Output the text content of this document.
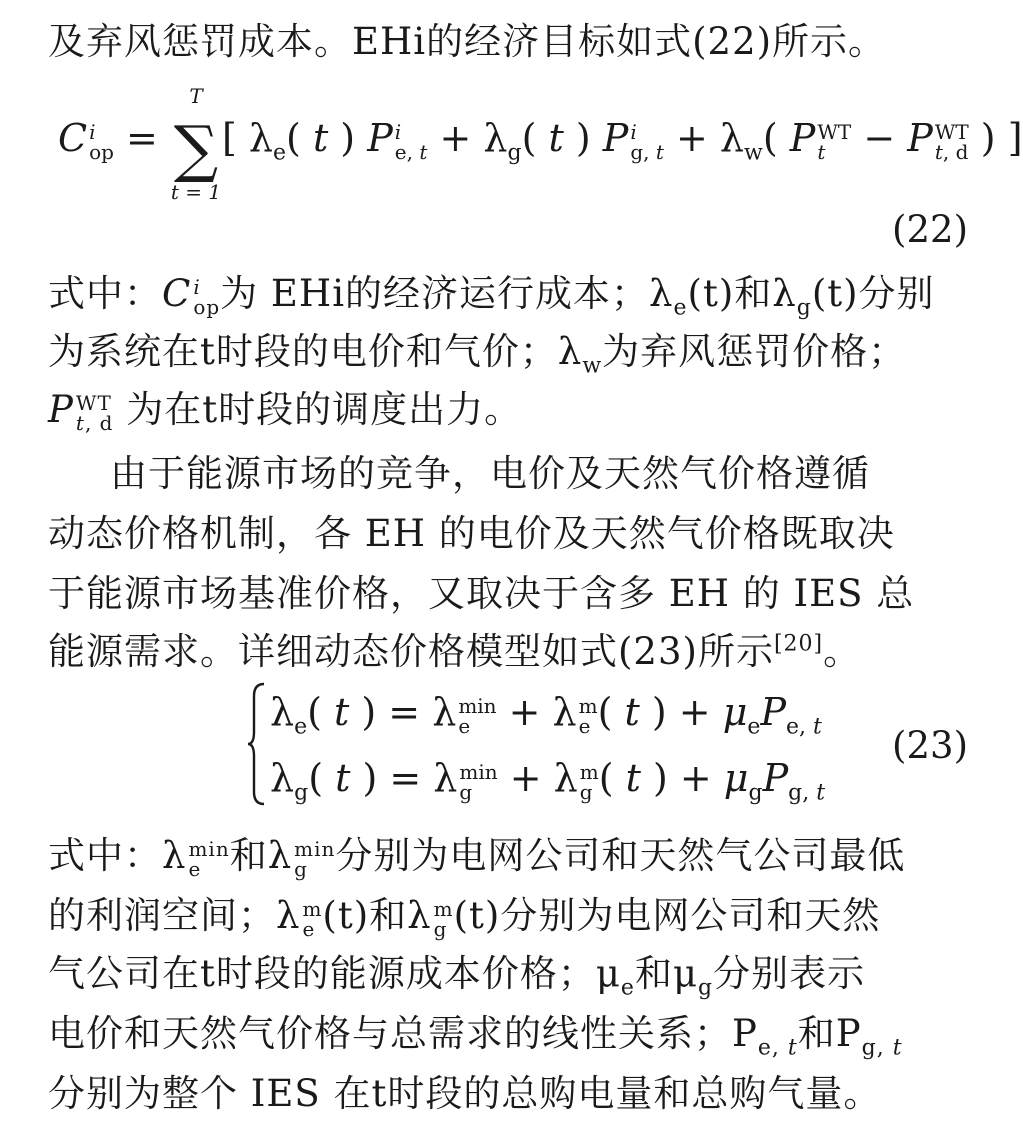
及弃风惩罚成本。EHi的经济目标如式(22)所示。
C i
op =
T
∑
t = 1
[ $\lambda_e$( t ) P i
e, $t + \lambda_g$( t ) P i
g, $t + \lambda_w$( P WT
t − P WT
t, d ) ]
(22)
式中：C i
op 为 EHi的经济运行成本；$\lambda_e(t)$和$\lambda_g(t)$分别
为系统在t时段的电价和气价；$\lambda_w$为弃风惩罚价格；
P WT
t, d 为在t时段的调度出力。
由于能源市场的竞争，电价及天然气价格遵循
动态价格机制，各 EH 的电价及天然气价格既取决
于能源市场基准价格，又取决于含多 EH 的 IES 总
能源需求。详细动态价格模型如式(23)所示[20]。
$\lambda_e$( t ) = λ min
e + λ m
e ( t ) + $\mu_eP_{e, t}$
$\lambda_g$( t ) = λ min
g + λ m
g ( t ) + $\mu_gP_{g, t}$
(23)
式中：λ min
e 和λ min
g 分别为电网公司和天然气公司最低
的利润空间；λ m
e (t)和λ m
g (t)分别为电网公司和天然
气公司在t时段的能源成本价格；$\mu_e$和$\mu_g$分别表示
电价和天然气价格与总需求的线性关系；$P_{e, t}$和$P_{g, t}$
分别为整个 IES 在t时段的总购电量和总购气量。
